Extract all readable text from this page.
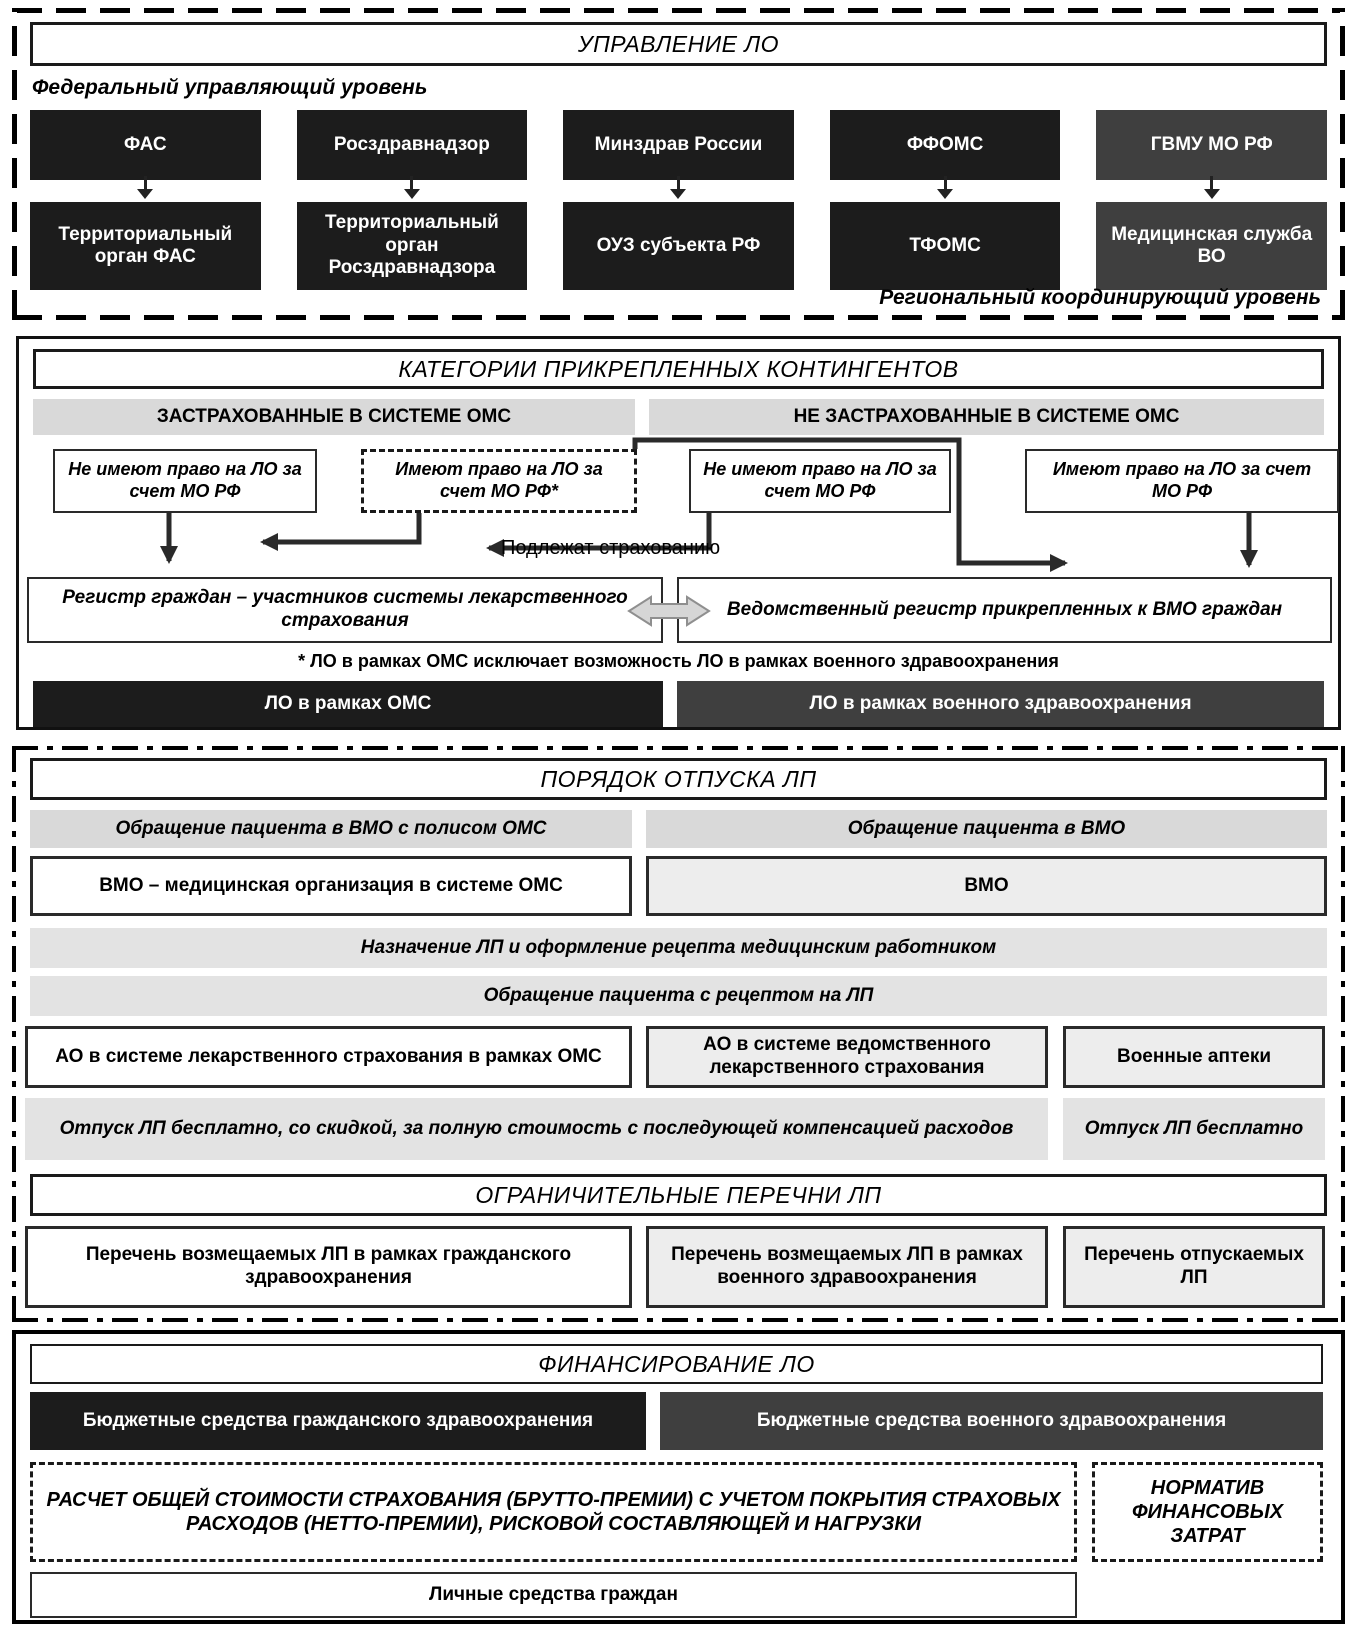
УПРАВЛЕНИЕ ЛО
Федеральный управляющий уровень
ФАС	Росздравнадзор	Минздрав России	ФФОМС	ГВМУ МО РФ
Территориальный орган ФАС
Территориальный орган Росздравнадзора
ОУЗ субъекта РФ	ТФОМС
Медицинская служба ВО
Региональный координирующий уровень
КАТЕГОРИИ ПРИКРЕПЛЕННЫХ КОНТИНГЕНТОВ
ЗАСТРАХОВАННЫЕ В СИСТЕМЕ ОМС	НЕ ЗАСТРАХОВАННЫЕ В СИСТЕМЕ ОМС
Не имеют право на ЛО за счет МО РФ
Имеют право на ЛО за счет МО РФ*
Не имеют право на ЛО за счет МО РФ
Имеют право на ЛО за счет МО РФ
Подлежат страхованию
Регистр граждан – участников системы лекарственного страхования
Ведомственный регистр прикрепленных к ВМО граждан
* ЛО в рамках ОМС исключает возможность ЛО в рамках военного здравоохранения
ЛО в рамках ОМС	ЛО в рамках военного здравоохранения
ПОРЯДОК ОТПУСКА ЛП
Обращение пациента в ВМО с полисом ОМС	Обращение пациента в ВМО
ВМО – медицинская организация в системе ОМС	ВМО
Назначение ЛП и оформление рецепта медицинским работником
Обращение пациента с рецептом на ЛП
АО в системе лекарственного страхования в рамках ОМС
АО в системе ведомственного лекарственного страхования
Военные аптеки
Отпуск ЛП бесплатно, со скидкой, за полную стоимость с последующей компенсацией расходов	Отпуск ЛП бесплатно
ОГРАНИЧИТЕЛЬНЫЕ ПЕРЕЧНИ ЛП
Перечень возмещаемых ЛП в рамках гражданского здравоохранения
Перечень возмещаемых ЛП в рамках военного здравоохранения
Перечень отпускаемых ЛП
ФИНАНСИРОВАНИЕ ЛО
Бюджетные средства гражданского здравоохранения	Бюджетные средства военного здравоохранения
РАСЧЕТ ОБЩЕЙ СТОИМОСТИ СТРАХОВАНИЯ (БРУТТО-ПРЕМИИ) С УЧЕТОМ ПОКРЫТИЯ СТРАХОВЫХ РАСХОДОВ (НЕТТО-ПРЕМИИ), РИСКОВОЙ СОСТАВЛЯЮЩЕЙ И НАГРУЗКИ
НОРМАТИВ ФИНАНСОВЫХ ЗАТРАТ
Личные средства граждан
